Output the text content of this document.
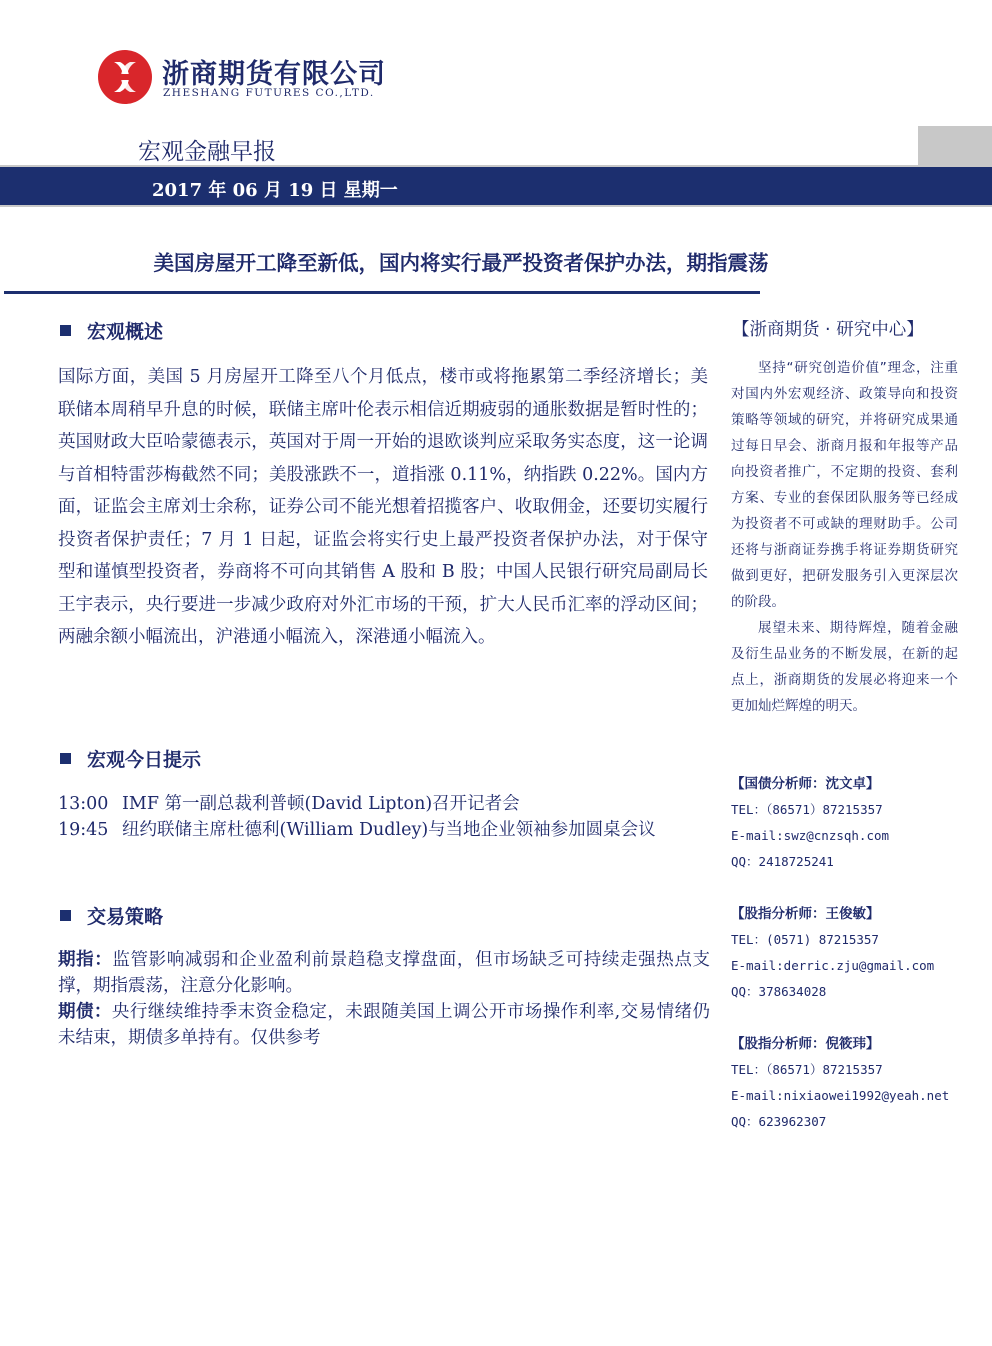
浙商期货有限公司
ZHESHANG FUTURES CO.,LTD.
宏观金融早报
2017 年 06 月 19 日 星期一
美国房屋开工降至新低，国内将实行最严投资者保护办法，期指震荡
宏观概述
国际方面，美国 5 月房屋开工降至八个月低点，楼市或将拖累第二季经济增长；美联储本周稍早升息的时候，联储主席叶伦表示相信近期疲弱的通胀数据是暂时性的；英国财政大臣哈蒙德表示，英国对于周一开始的退欧谈判应采取务实态度，这一论调与首相特雷莎梅截然不同；美股涨跌不一，道指涨 0.11%，纳指跌 0.22%。国内方面，证监会主席刘士余称，证券公司不能光想着招揽客户、收取佣金，还要切实履行投资者保护责任；7 月 1 日起，证监会将实行史上最严投资者保护办法，对于保守型和谨慎型投资者，券商将不可向其销售 A 股和 B 股；中国人民银行研究局副局长王宇表示，央行要进一步减少政府对外汇市场的干预，扩大人民币汇率的浮动区间；两融余额小幅流出，沪港通小幅流入，深港通小幅流入。
宏观今日提示
13:00 IMF 第一副总裁利普顿(David Lipton)召开记者会
19:45 纽约联储主席杜德利(William Dudley)与当地企业领袖参加圆桌会议
交易策略
期指：监管影响减弱和企业盈利前景趋稳支撑盘面，但市场缺乏可持续走强热点支撑，期指震荡，注意分化影响。
期债：央行继续维持季末资金稳定，未跟随美国上调公开市场操作利率,交易情绪仍未结束，期债多单持有。仅供参考
【浙商期货 · 研究中心】

坚持“研究创造价值”理念，注重对国内外宏观经济、政策导向和投资策略等领域的研究，并将研究成果通过每日早会、浙商月报和年报等产品向投资者推广，不定期的投资、套利方案、专业的套保团队服务等已经成为投资者不可或缺的理财助手。公司还将与浙商证券携手将证券期货研究做到更好，把研发服务引入更深层次的阶段。

展望未来、期待辉煌，随着金融及衍生品业务的不断发展，在新的起点上，浙商期货的发展必将迎来一个更加灿烂辉煌的明天。

【国债分析师：沈文卓】
TEL：（86571）87215357
E-mail:swz@cnzsqh.com
QQ：2418725241
【股指分析师：王俊敏】
TEL：(0571) 87215357
E-mail:derric.zju@gmail.com
QQ：378634028
【股指分析师：倪筱玮】
TEL：（86571）87215357
E-mail:nixiaowei1992@yeah.net
QQ：623962307
